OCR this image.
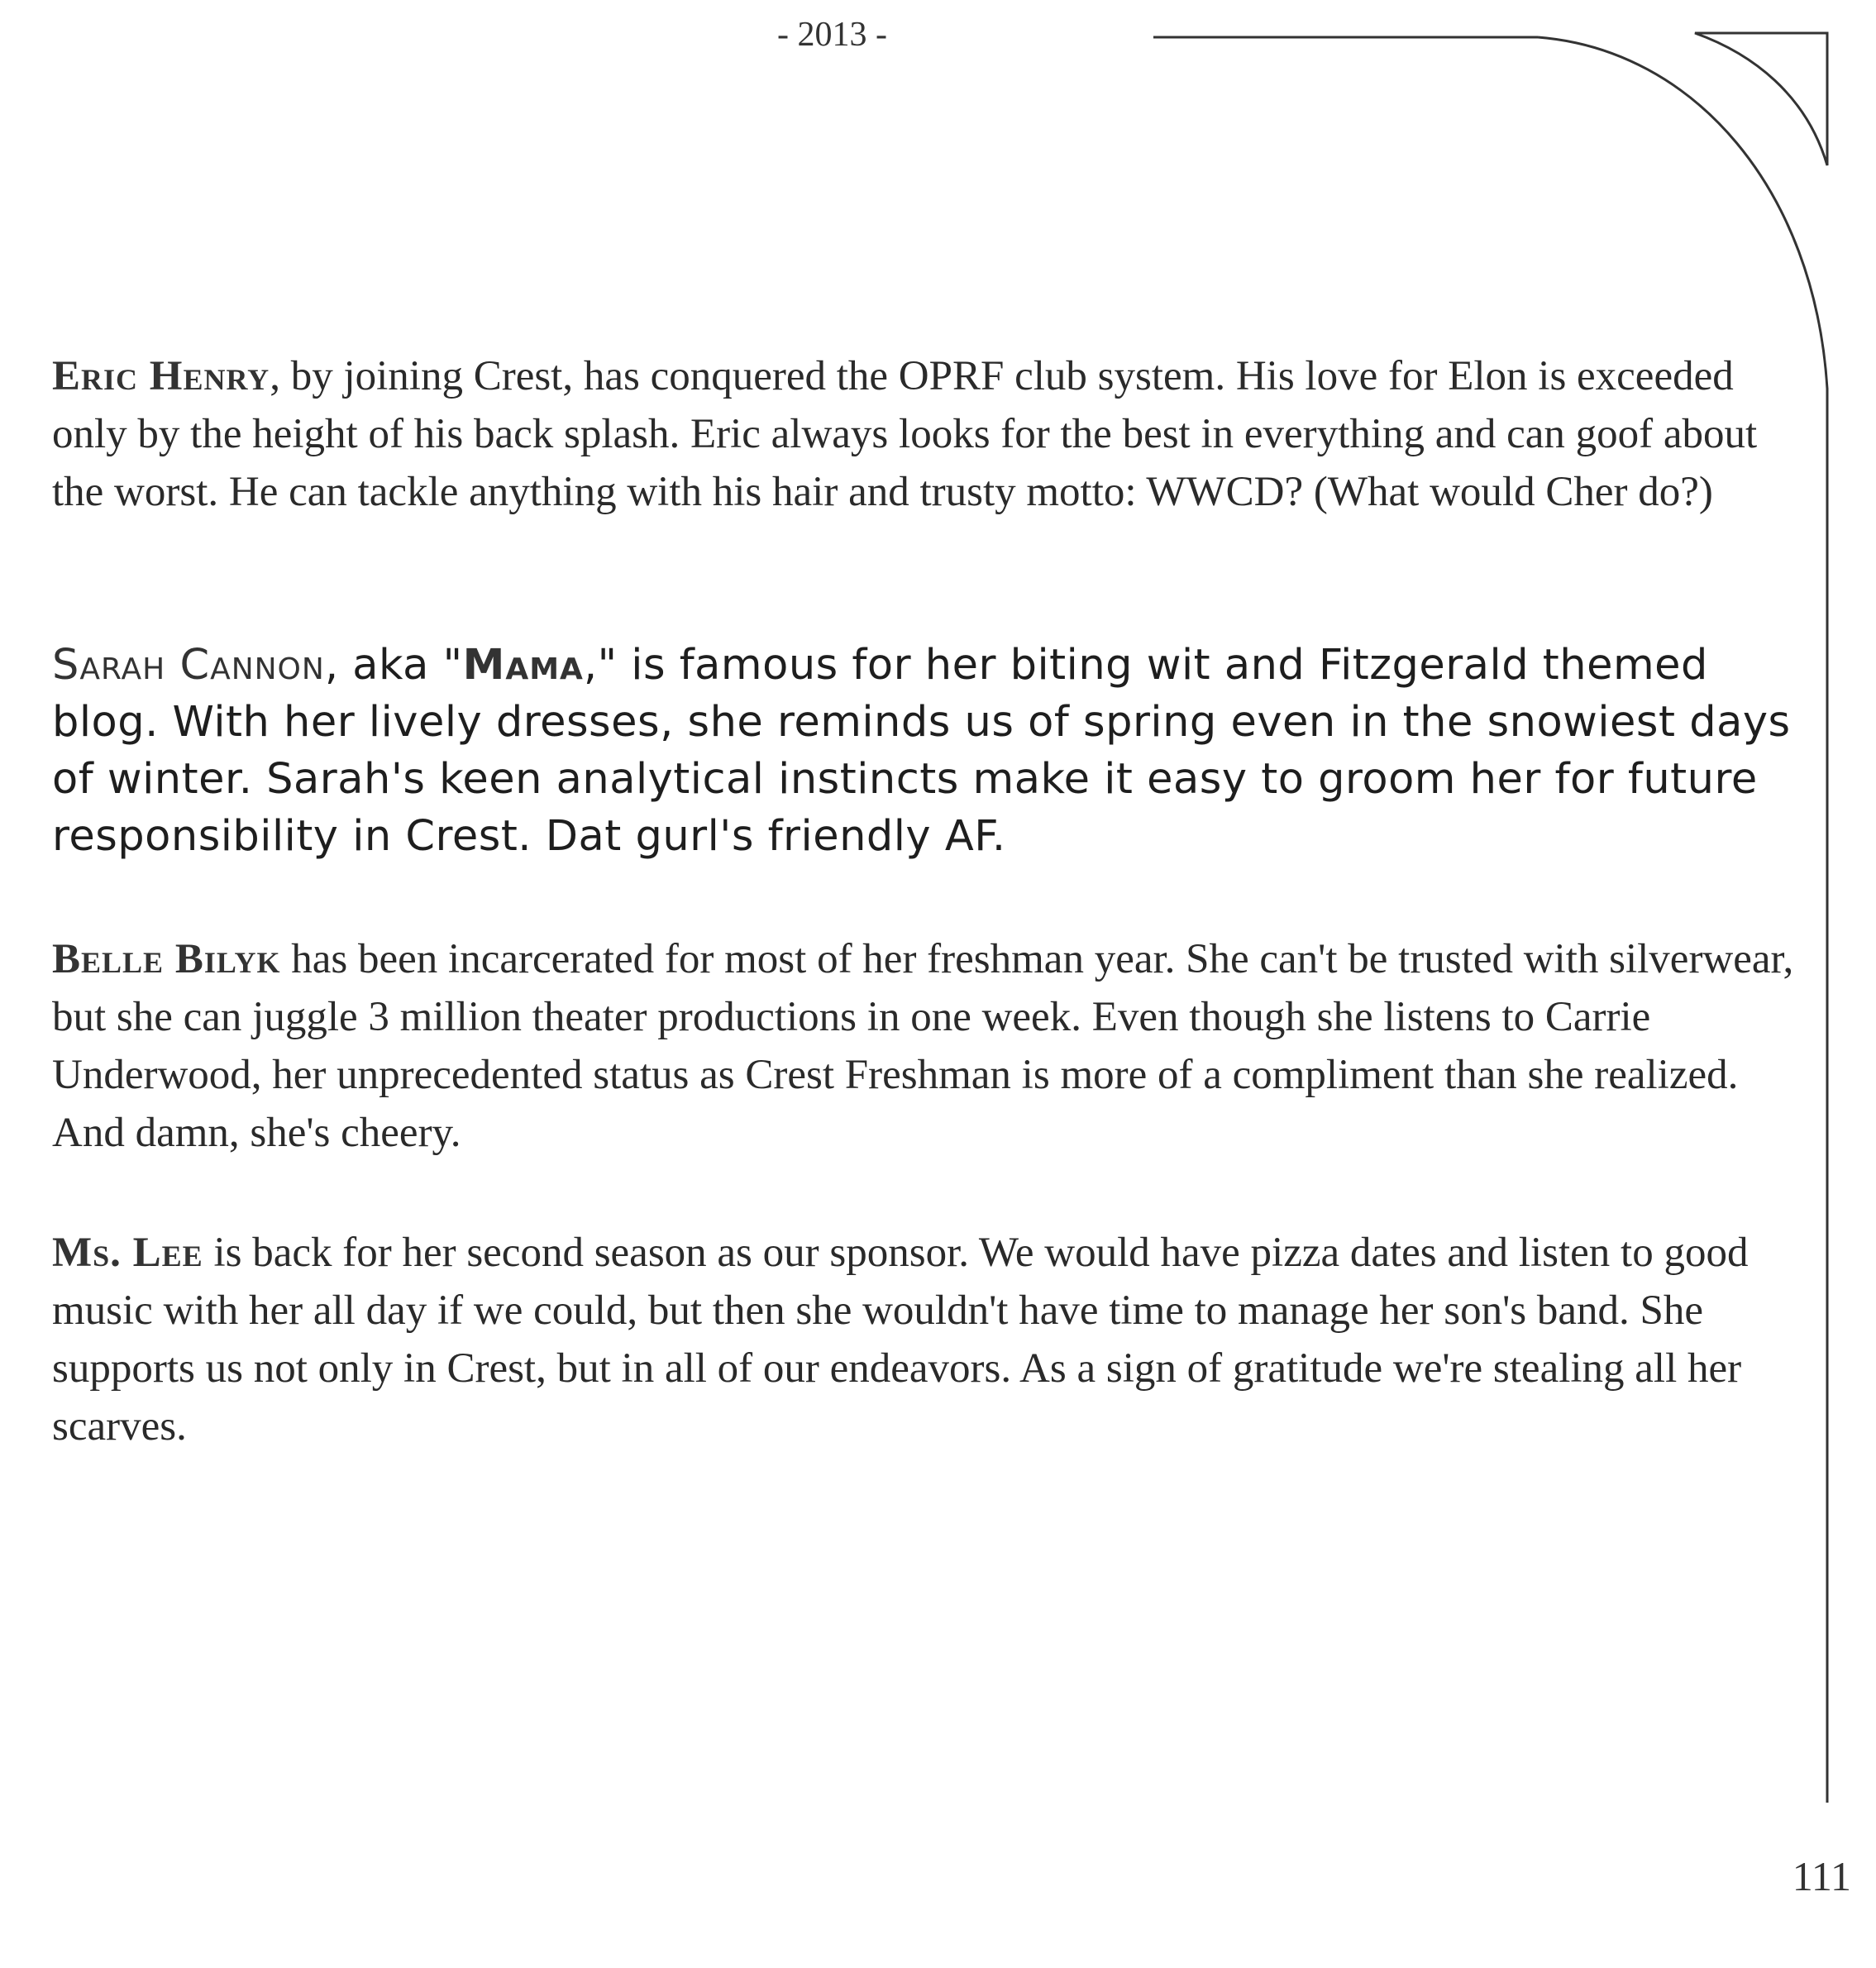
- 2013 -

Eric Henry, by joining Crest, has conquered the OPRF club system. His love for Elon is exceeded only by the height of his back splash. Eric always looks for the best in everything and can goof about the worst. He can tackle anything with his hair and trusty motto: WWCD? (What would Cher do?)

Sarah Cannon, aka "Mama," is famous for her biting wit and Fitzgerald themed blog. With her lively dresses, she reminds us of spring even in the snowiest days of winter. Sarah's keen analytical instincts make it easy to groom her for future responsibility in Crest. Dat gurl's friendly AF.

Belle Bilyk has been incarcerated for most of her freshman year. She can't be trusted with silverwear, but she can juggle 3 million theater productions in one week. Even though she listens to Carrie Underwood, her unprecedented status as Crest Freshman is more of a compliment than she realized. And damn, she's cheery.

Ms. Lee is back for her second season as our sponsor. We would have pizza dates and listen to good music with her all day if we could, but then she wouldn't have time to manage her son's band. She supports us not only in Crest, but in all of our endeavors. As a sign of gratitude we're stealing all her scarves.

111
